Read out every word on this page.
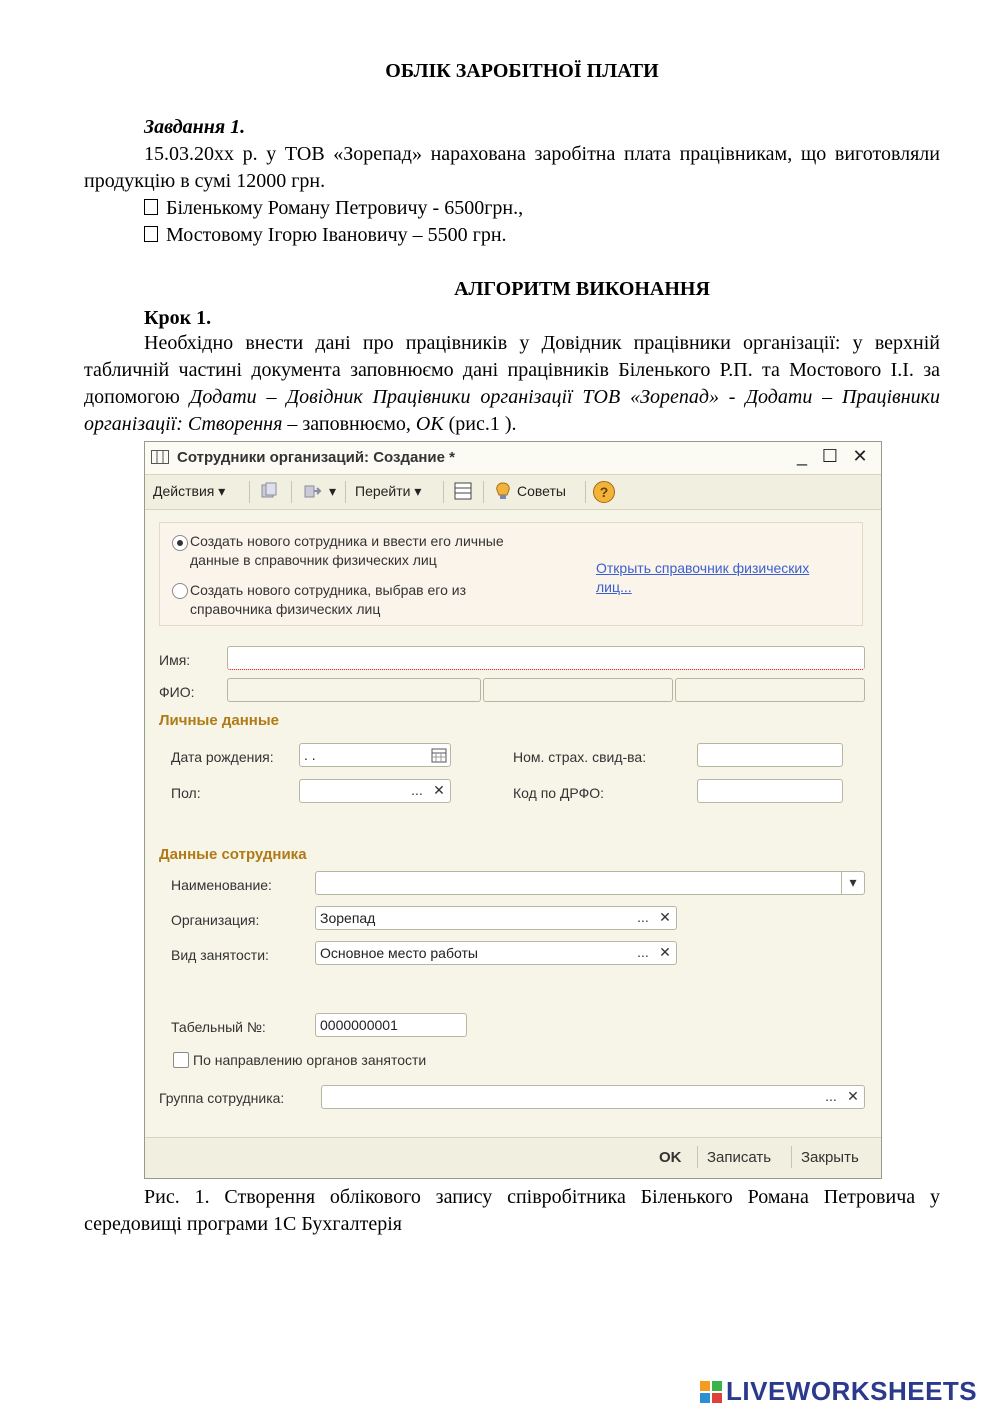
ОБЛІК ЗАРОБІТНОЇ ПЛАТИ
Завдання 1.
15.03.20хх р. у ТОВ «Зорепад» нарахована заробітна плата працівникам, що виготовляли продукцію в сумі 12000 грн.
Біленькому Роману Петровичу - 6500грн.,
Мостовому Ігорю Івановичу – 5500 грн.
АЛГОРИТМ ВИКОНАННЯ
Крок 1.
Необхідно внести дані про працівників у Довідник працівники організації: у верхній табличній частині документа заповнюємо дані працівників Біленького Р.П. та Мостового І.І. за допомогою Додати – Довідник Працівники організації ТОВ «Зорепад» - Додати – Працівники організації: Створення – заповнюємо, ОК (рис.1 ).
Сотрудники организаций: Создание *	_ ☐ ✕
Действия ▾	▾ Перейти ▾	Советы	?
Создать нового сотрудника и ввести его личные
данные в справочник физических лиц
Создать нового сотрудника, выбрав его из
справочника физических лиц
Открыть справочник физических
лиц...
Имя:
ФИО:
Личные данные
Дата рождения:	. .
Пол:	... ✕
Ном. страх. свид-ва:
Код по ДРФО:
Данные сотрудника
Наименование:	▾
Организация:	Зорепад	... ✕
Вид занятости:	Основное место работы	... ✕
Табельный №:	0000000001
По направлению органов занятости
Группа сотрудника:	... ✕
OK Записать Закрыть
Рис. 1. Створення облікового запису співробітника Біленького Романа Петровича у середовищі програми 1С Бухгалтерія
LIVEWORKSHEETS
